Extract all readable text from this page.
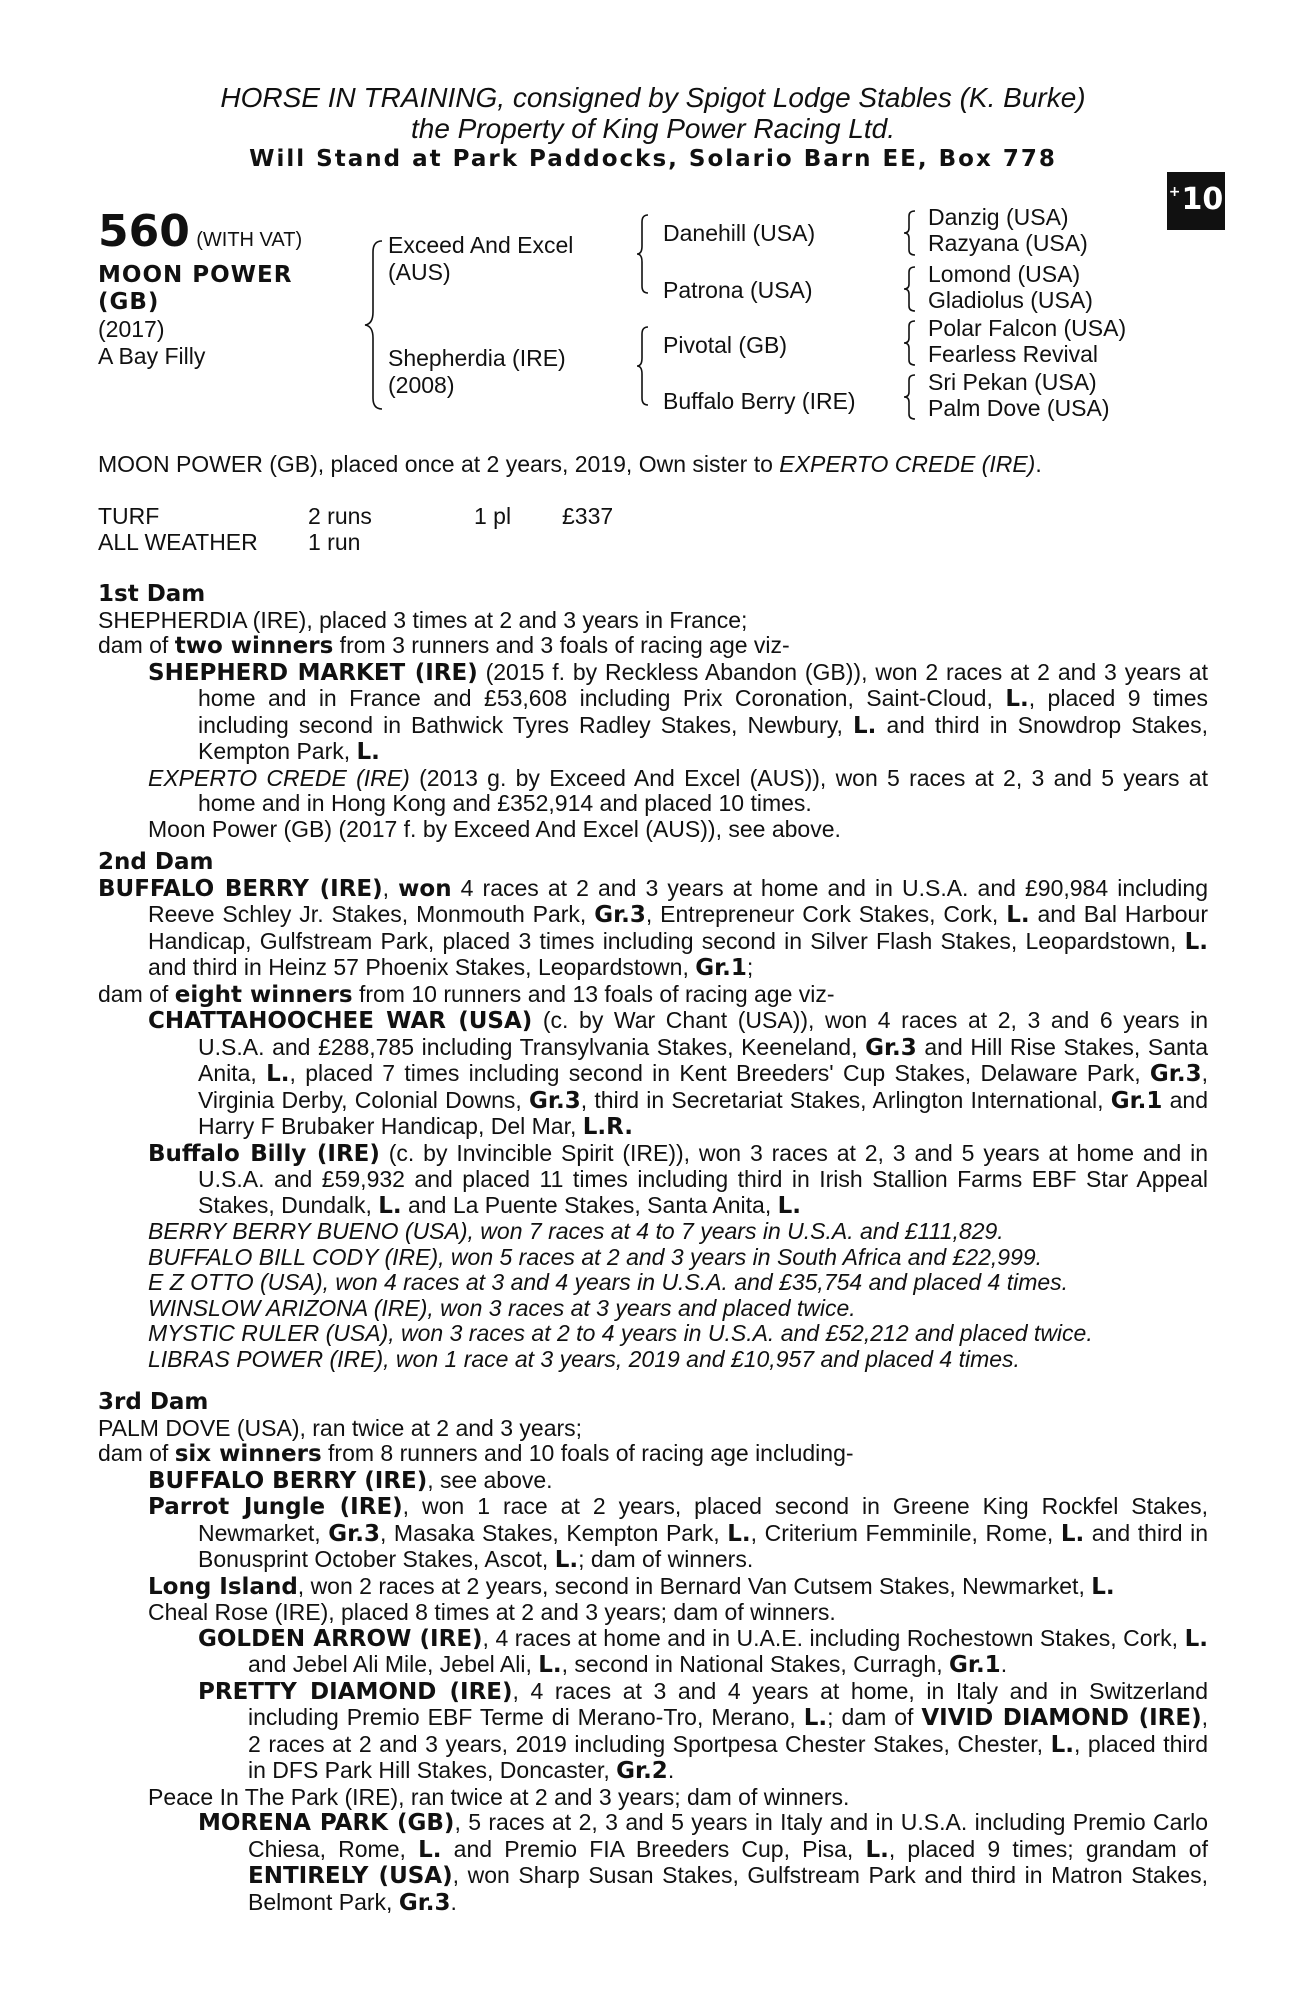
HORSE IN TRAINING, consigned by Spigot Lodge Stables (K. Burke)
the Property of King Power Racing Ltd.
Will Stand at Park Paddocks, Solario Barn EE, Box 778
+10
560 (WITH VAT)
MOON POWER
(GB)
(2017)
A Bay Filly
Exceed And Excel
(AUS)
Shepherdia (IRE)
(2008)
Danehill (USA)
Patrona (USA)
Pivotal (GB)
Buffalo Berry (IRE)
Danzig (USA)
Razyana (USA)
Lomond (USA)
Gladiolus (USA)
Polar Falcon (USA)
Fearless Revival
Sri Pekan (USA)
Palm Dove (USA)
MOON POWER (GB), placed once at 2 years, 2019, Own sister to EXPERTO CREDE (IRE).
TURF	2 runs	1 pl £337
ALL WEATHER 1 run
1st Dam
SHEPHERDIA (IRE), placed 3 times at 2 and 3 years in France;
dam of two winners from 3 runners and 3 foals of racing age viz-
SHEPHERD MARKET (IRE) (2015 f. by Reckless Abandon (GB)), won 2 races at 2 and 3 years at home and in France and £53,608 including Prix Coronation, Saint-Cloud, L., placed 9 times including second in Bathwick Tyres Radley Stakes, Newbury, L. and third in Snowdrop Stakes, Kempton Park, L.
EXPERTO CREDE (IRE) (2013 g. by Exceed And Excel (AUS)), won 5 races at 2, 3 and 5 years at home and in Hong Kong and £352,914 and placed 10 times.
Moon Power (GB) (2017 f. by Exceed And Excel (AUS)), see above.
2nd Dam
BUFFALO BERRY (IRE), won 4 races at 2 and 3 years at home and in U.S.A. and £90,984 including Reeve Schley Jr. Stakes, Monmouth Park, Gr.3, Entrepreneur Cork Stakes, Cork, L. and Bal Harbour Handicap, Gulfstream Park, placed 3 times including second in Silver Flash Stakes, Leopardstown, L. and third in Heinz 57 Phoenix Stakes, Leopardstown, Gr.1;
dam of eight winners from 10 runners and 13 foals of racing age viz-
CHATTAHOOCHEE WAR (USA) (c. by War Chant (USA)), won 4 races at 2, 3 and 6 years in U.S.A. and £288,785 including Transylvania Stakes, Keeneland, Gr.3 and Hill Rise Stakes, Santa Anita, L., placed 7 times including second in Kent Breeders' Cup Stakes, Delaware Park, Gr.3, Virginia Derby, Colonial Downs, Gr.3, third in Secretariat Stakes, Arlington International, Gr.1 and Harry F Brubaker Handicap, Del Mar, L.R.
Buffalo Billy (IRE) (c. by Invincible Spirit (IRE)), won 3 races at 2, 3 and 5 years at home and in U.S.A. and £59,932 and placed 11 times including third in Irish Stallion Farms EBF Star Appeal Stakes, Dundalk, L. and La Puente Stakes, Santa Anita, L.
BERRY BERRY BUENO (USA), won 7 races at 4 to 7 years in U.S.A. and £111,829.
BUFFALO BILL CODY (IRE), won 5 races at 2 and 3 years in South Africa and £22,999.
E Z OTTO (USA), won 4 races at 3 and 4 years in U.S.A. and £35,754 and placed 4 times.
WINSLOW ARIZONA (IRE), won 3 races at 3 years and placed twice.
MYSTIC RULER (USA), won 3 races at 2 to 4 years in U.S.A. and £52,212 and placed twice.
LIBRAS POWER (IRE), won 1 race at 3 years, 2019 and £10,957 and placed 4 times.
3rd Dam
PALM DOVE (USA), ran twice at 2 and 3 years;
dam of six winners from 8 runners and 10 foals of racing age including-
BUFFALO BERRY (IRE), see above.
Parrot Jungle (IRE), won 1 race at 2 years, placed second in Greene King Rockfel Stakes, Newmarket, Gr.3, Masaka Stakes, Kempton Park, L., Criterium Femminile, Rome, L. and third in Bonusprint October Stakes, Ascot, L.; dam of winners.
Long Island, won 2 races at 2 years, second in Bernard Van Cutsem Stakes, Newmarket, L.
Cheal Rose (IRE), placed 8 times at 2 and 3 years; dam of winners.
GOLDEN ARROW (IRE), 4 races at home and in U.A.E. including Rochestown Stakes, Cork, L. and Jebel Ali Mile, Jebel Ali, L., second in National Stakes, Curragh, Gr.1.
PRETTY DIAMOND (IRE), 4 races at 3 and 4 years at home, in Italy and in Switzerland including Premio EBF Terme di Merano-Tro, Merano, L.; dam of VIVID DIAMOND (IRE), 2 races at 2 and 3 years, 2019 including Sportpesa Chester Stakes, Chester, L., placed third in DFS Park Hill Stakes, Doncaster, Gr.2.
Peace In The Park (IRE), ran twice at 2 and 3 years; dam of winners.
MORENA PARK (GB), 5 races at 2, 3 and 5 years in Italy and in U.S.A. including Premio Carlo Chiesa, Rome, L. and Premio FIA Breeders Cup, Pisa, L., placed 9 times; grandam of ENTIRELY (USA), won Sharp Susan Stakes, Gulfstream Park and third in Matron Stakes, Belmont Park, Gr.3.
